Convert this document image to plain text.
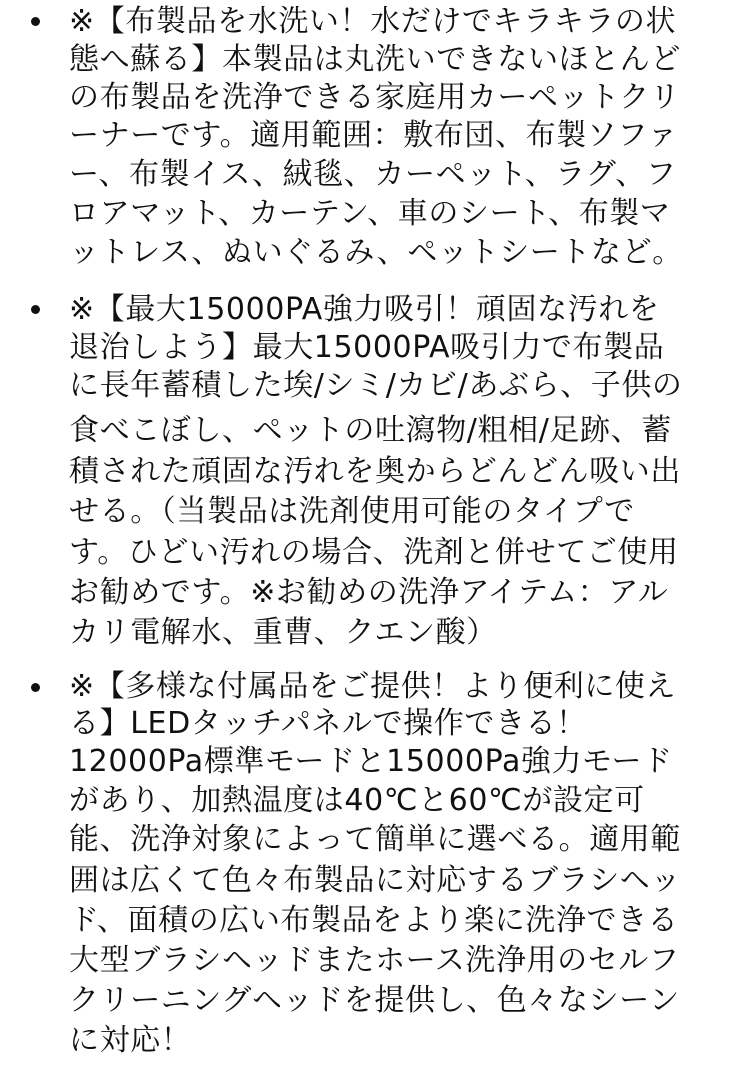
※【布製品を水洗い！水だけでキラキラの状
態へ蘇る】本製品は丸洗いできないほとんど
の布製品を洗浄できる家庭用カーペットクリ
ーナーです。適用範囲：敷布団、布製ソファ
ー、布製イス、絨毯、カーペット、ラグ、フ
ロアマット、カーテン、車のシート、布製マ
ットレス、ぬいぐるみ、ペットシートなど。
※【最大15000PA強力吸引！頑固な汚れを
退治しよう】最大15000PA吸引力で布製品
に長年蓄積した埃/シミ/カビ/あぶら、子供の
食べこぼし、ペットの吐瀉物/粗相/足跡、蓄
積された頑固な汚れを奥からどんどん吸い出
せる。（当製品は洗剤使用可能のタイプで
す。ひどい汚れの場合、洗剤と併せてご使用
お勧めです。※お勧めの洗浄アイテム：アル
カリ電解水、重曹、クエン酸）
※【多様な付属品をご提供！より便利に使え
る】LEDタッチパネルで操作できる！
12000Pa標準モードと15000Pa強力モード
があり、加熱温度は40℃と60℃が設定可
能、洗浄対象によって簡単に選べる。適用範
囲は広くて色々布製品に対応するブラシヘッ
ド、面積の広い布製品をより楽に洗浄できる
大型ブラシヘッドまたホース洗浄用のセルフ
クリーニングヘッドを提供し、色々なシーン
に対応！
